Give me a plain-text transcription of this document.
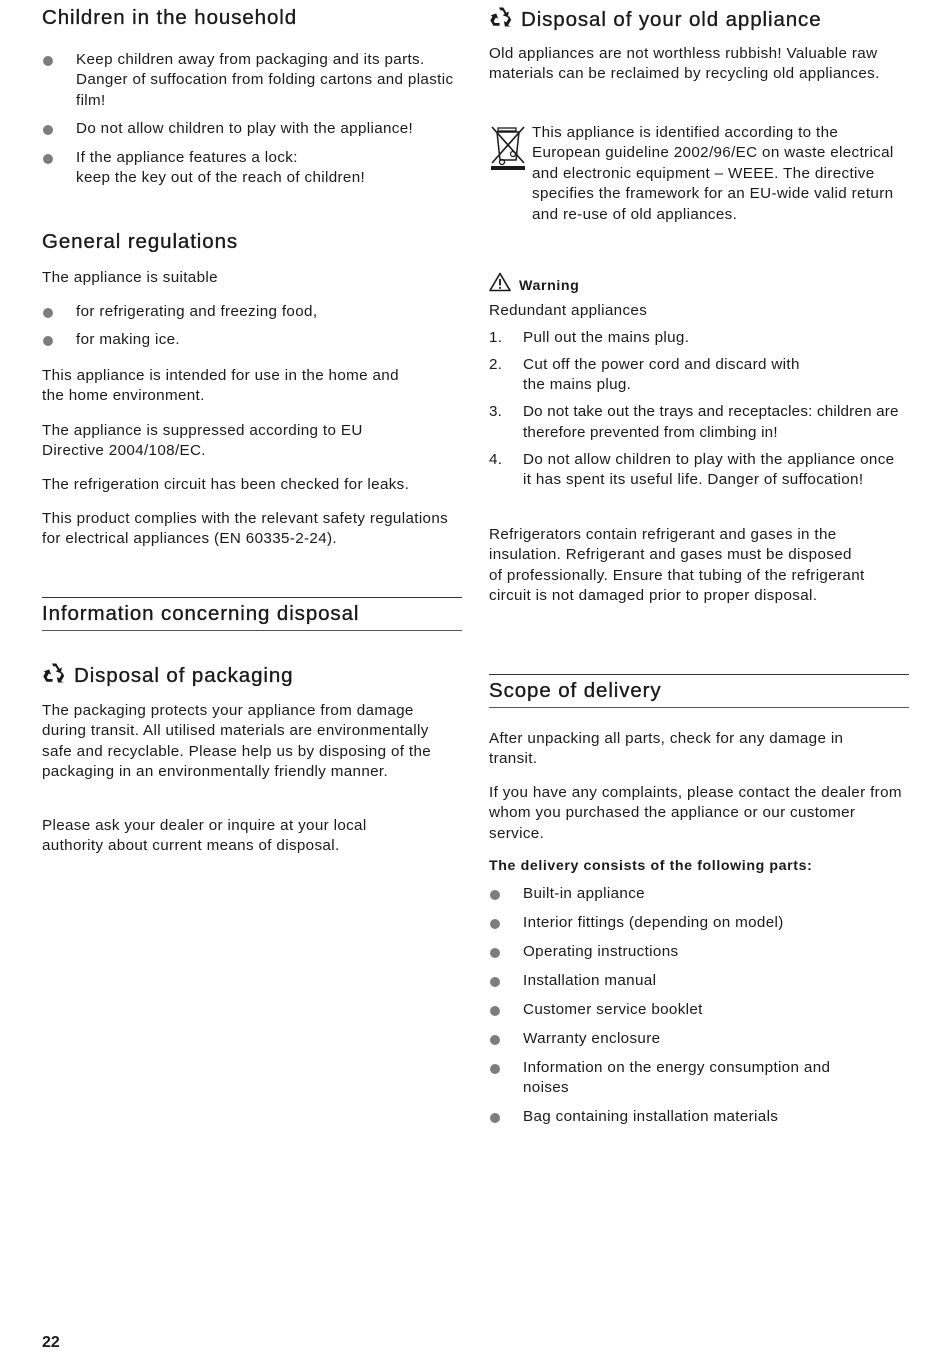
Children in the household
Keep children away from packaging and its parts. Danger of suffocation from folding cartons and plastic film!
Do not allow children to play with the appliance!
If the appliance features a lock:
keep the key out of the reach of children!
General regulations

The appliance is suitable

for refrigerating and freezing food,
for making ice.

This appliance is intended for use in the home and the home environment.

The appliance is suppressed according to EU Directive 2004/108/EC.

The refrigeration circuit has been checked for leaks.

This product complies with the relevant safety regulations for electrical appliances (EN 60335-2-24).

Information concerning disposal
Disposal of packaging

The packaging protects your appliance from damage during transit. All utilised materials are environmentally safe and recyclable. Please help us by disposing of the packaging in an environmentally friendly manner.

Please ask your dealer or inquire at your local authority about current means of disposal.

Disposal of your old appliance

Old appliances are not worthless rubbish! Valuable raw materials can be reclaimed by recycling old appliances.

This appliance is identified according to the European guideline 2002/96/EC on waste electrical and electronic equipment – WEEE. The directive specifies the framework for an EU-wide valid return and re-use of old appliances.

Warning

Redundant appliances

1. Pull out the mains plug.
2. Cut off the power cord and discard with the mains plug.
3. Do not take out the trays and receptacles: children are therefore prevented from climbing in!
4. Do not allow children to play with the appliance once it has spent its useful life. Danger of suffocation!

Refrigerators contain refrigerant and gases in the insulation. Refrigerant and gases must be disposed of professionally. Ensure that tubing of the refrigerant circuit is not damaged prior to proper disposal.

Scope of delivery

After unpacking all parts, check for any damage in transit.

If you have any complaints, please contact the dealer from whom you purchased the appliance or our customer service.

The delivery consists of the following parts:
Built-in appliance
Interior fittings (depending on model)
Operating instructions
Installation manual
Customer service booklet
Warranty enclosure
Information on the energy consumption and noises
Bag containing installation materials
22
